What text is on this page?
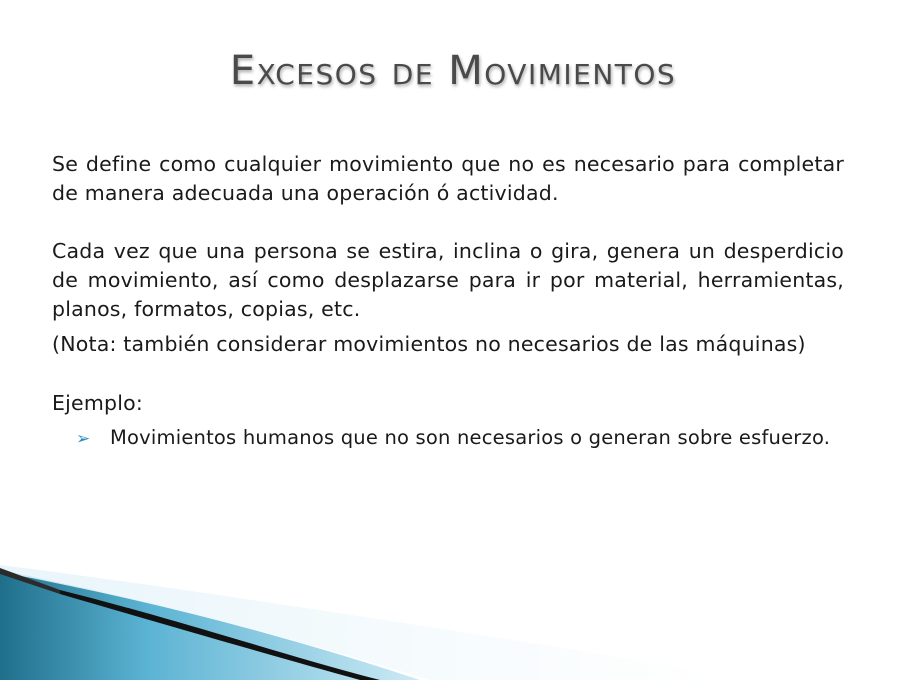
Excesos de Movimientos

Se define como cualquier movimiento que no es necesario para completar de manera adecuada una operación ó actividad.

Cada vez que una persona se estira, inclina o gira, genera un desperdicio de movimiento, así como desplazarse para ir por material, herramientas, planos, formatos, copias, etc.

(Nota: también considerar movimientos no necesarios de las máquinas)

Ejemplo:

➢ Movimientos humanos que no son necesarios o generan sobre esfuerzo.
